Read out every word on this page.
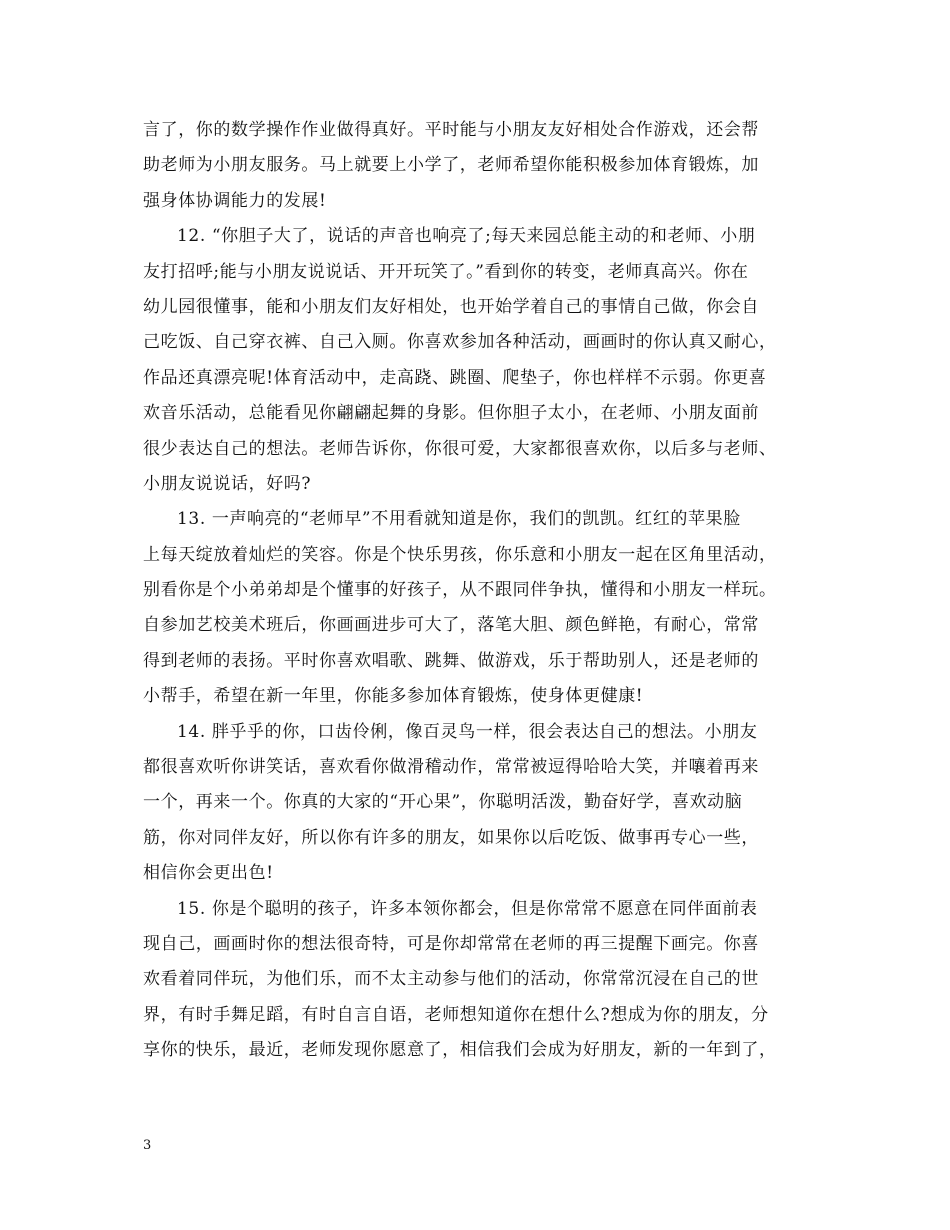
言了，你的数学操作作业做得真好。平时能与小朋友友好相处合作游戏，还会帮
助老师为小朋友服务。马上就要上小学了，老师希望你能积极参加体育锻炼，加
强身体协调能力的发展!
12. “你胆子大了，说话的声音也响亮了;每天来园总能主动的和老师、小朋
友打招呼;能与小朋友说说话、开开玩笑了。”看到你的转变，老师真高兴。你在
幼儿园很懂事，能和小朋友们友好相处，也开始学着自己的事情自己做，你会自
己吃饭、自己穿衣裤、自己入厕。你喜欢参加各种活动，画画时的你认真又耐心，
作品还真漂亮呢!体育活动中，走高跷、跳圈、爬垫子，你也样样不示弱。你更喜
欢音乐活动，总能看见你翩翩起舞的身影。但你胆子太小，在老师、小朋友面前
很少表达自己的想法。老师告诉你，你很可爱，大家都很喜欢你，以后多与老师、
小朋友说说话，好吗?
13. 一声响亮的“老师早”不用看就知道是你，我们的凯凯。红红的苹果脸
上每天绽放着灿烂的笑容。你是个快乐男孩，你乐意和小朋友一起在区角里活动，
别看你是个小弟弟却是个懂事的好孩子，从不跟同伴争执，懂得和小朋友一样玩。
自参加艺校美术班后，你画画进步可大了，落笔大胆、颜色鲜艳，有耐心，常常
得到老师的表扬。平时你喜欢唱歌、跳舞、做游戏，乐于帮助别人，还是老师的
小帮手，希望在新一年里，你能多参加体育锻炼，使身体更健康!
14. 胖乎乎的你，口齿伶俐，像百灵鸟一样，很会表达自己的想法。小朋友
都很喜欢听你讲笑话，喜欢看你做滑稽动作，常常被逗得哈哈大笑，并嚷着再来
一个，再来一个。你真的大家的“开心果”，你聪明活泼，勤奋好学，喜欢动脑
筋，你对同伴友好，所以你有许多的朋友，如果你以后吃饭、做事再专心一些，
相信你会更出色!
15. 你是个聪明的孩子，许多本领你都会，但是你常常不愿意在同伴面前表
现自己，画画时你的想法很奇特，可是你却常常在老师的再三提醒下画完。你喜
欢看着同伴玩，为他们乐，而不太主动参与他们的活动，你常常沉浸在自己的世
界，有时手舞足蹈，有时自言自语，老师想知道你在想什么?想成为你的朋友，分
享你的快乐，最近，老师发现你愿意了，相信我们会成为好朋友，新的一年到了，
3
